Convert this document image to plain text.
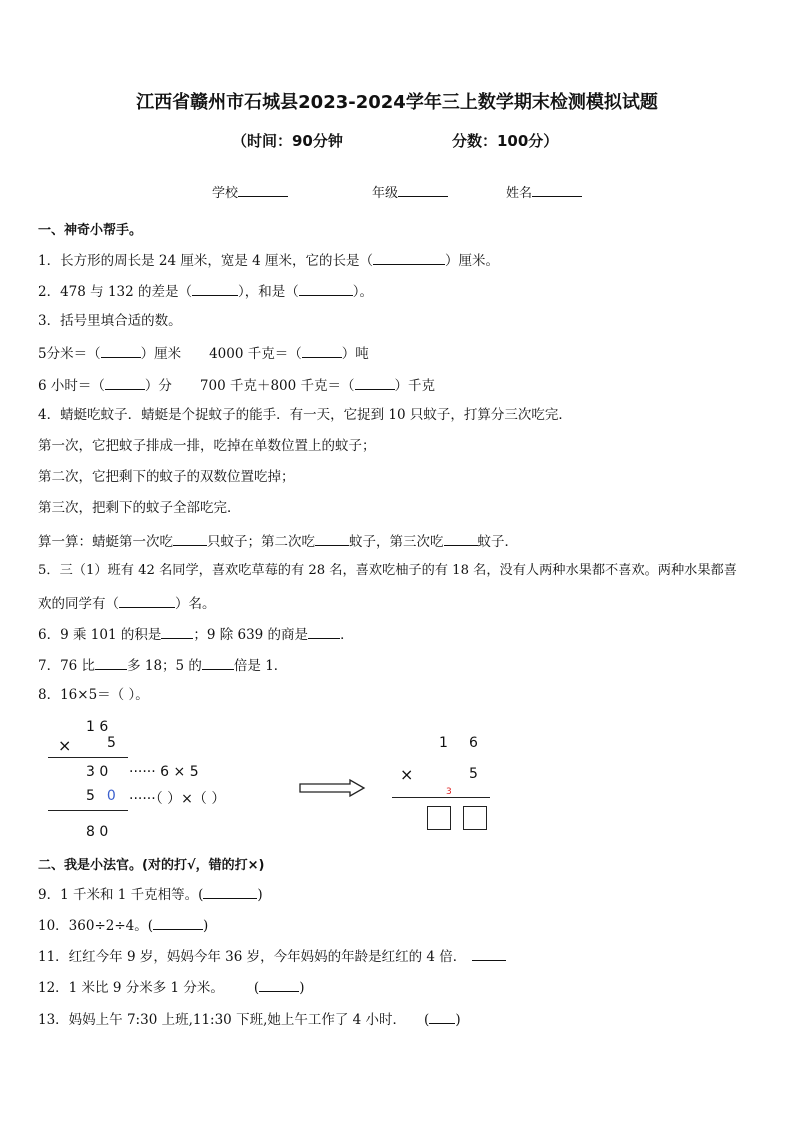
江西省赣州市石城县2023-2024学年三上数学期末检测模拟试题
（时间：90分钟	分数：100分）
学校	年级	姓名
一、神奇小帮手。
1．长方形的周长是 24 厘米，宽是 4 厘米，它的长是（	）厘米。
2．478 与 132 的差是（	），和是（	）。
3．括号里填合适的数。
5分米＝（	）厘米 4000 千克＝（	）吨
6 小时＝（	）分 700 千克＋800 千克＝（	）千克
4．蜻蜓吃蚊子．蜻蜓是个捉蚊子的能手．有一天，它捉到 10 只蚊子，打算分三次吃完．
第一次，它把蚊子排成一排，吃掉在单数位置上的蚊子；
第二次，它把剩下的蚊子的双数位置吃掉；
第三次，把剩下的蚊子全部吃完．
算一算：蜻蜓第一次吃	只蚊子；第二次吃	蚊子，第三次吃	蚊子．
5．三（1）班有 42 名同学，喜欢吃草莓的有 28 名，喜欢吃柚子的有 18 名，没有人两种水果都不喜欢。两种水果都喜
欢的同学有（	）名。
6．9 乘 101 的积是 ；9 除 639 的商是 ．
7．76 比 多 18；5 的 倍是 1．
8．16×5＝（ ）。
1 6
×	5
3 0 ······ 6 × 5
5 0 ······（ ）×（ ）
8 0
1 6
×	5
3
二、我是小法官。(对的打√，错的打×)
9．1 千米和 1 千克相等。(	)
10．360÷2÷4。(	)
11．红红今年 9 岁，妈妈今年 36 岁，今年妈妈的年龄是红红的 4 倍．
12．1 米比 9 分米多 1 分米。 (	)
13．妈妈上午 7:30 上班,11:30 下班,她上午工作了 4 小时． ( )
